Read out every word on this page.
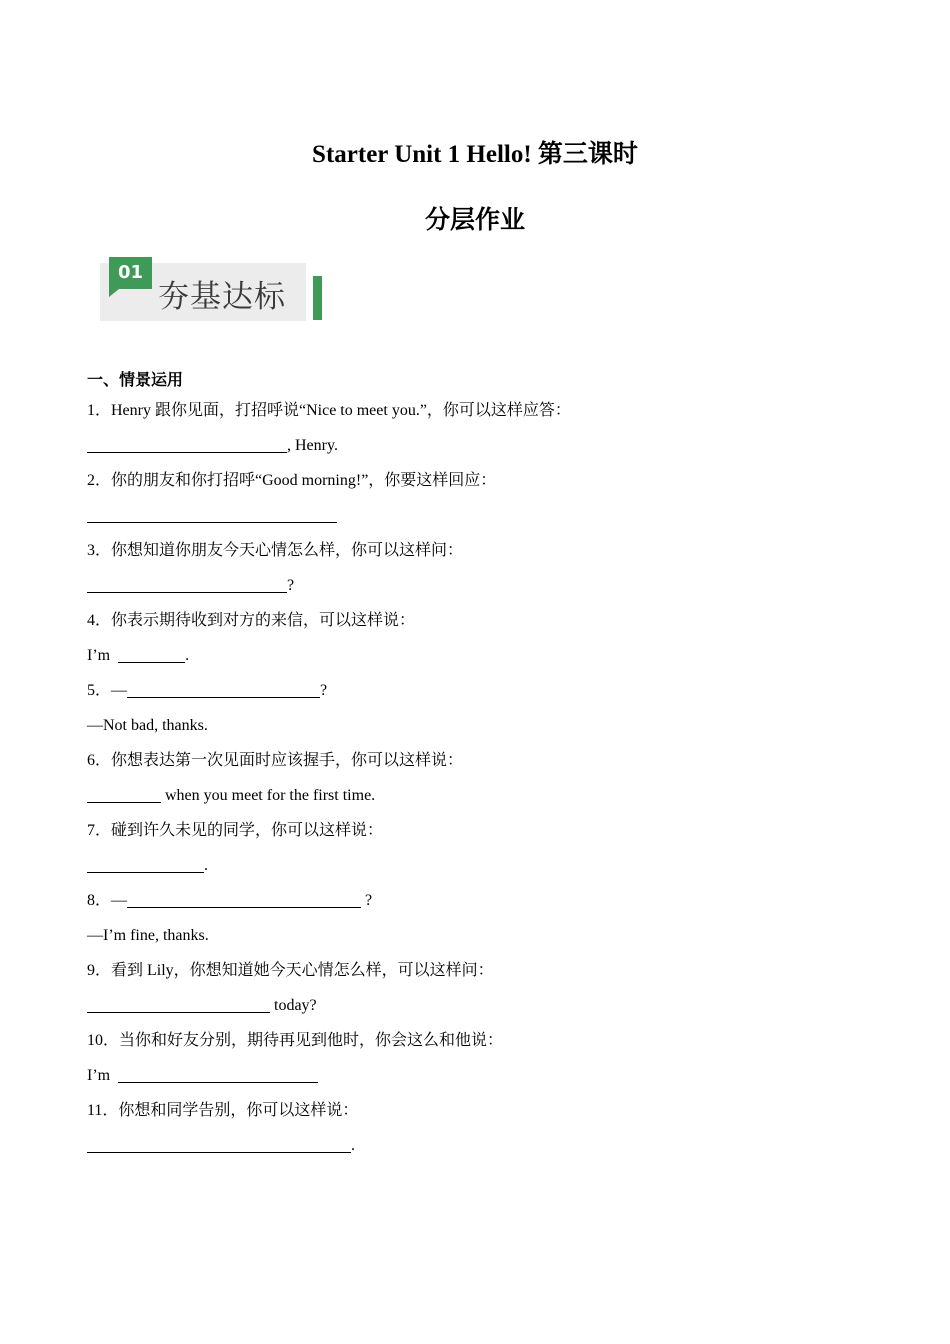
Starter Unit 1 Hello! 第三课时
分层作业
01
夯基达标
一、情景运用
1．Henry 跟你见面，打招呼说“Nice to meet you.”，你可以这样应答：
, Henry.
2．你的朋友和你打招呼“Good morning!”，你要这样回应：
3．你想知道你朋友今天心情怎么样，你可以这样问：
?
4．你表示期待收到对方的来信，可以这样说：
I’m	.
5．—	?
—Not bad, thanks.
6．你想表达第一次见面时应该握手，你可以这样说：
when you meet for the first time.
7．碰到许久未见的同学，你可以这样说：
.
8．—	?
—I’m fine, thanks.
9．看到 Lily，你想知道她今天心情怎么样，可以这样问：
today?
10．当你和好友分别，期待再见到他时，你会这么和他说：
I’m
11．你想和同学告别，你可以这样说：
.
